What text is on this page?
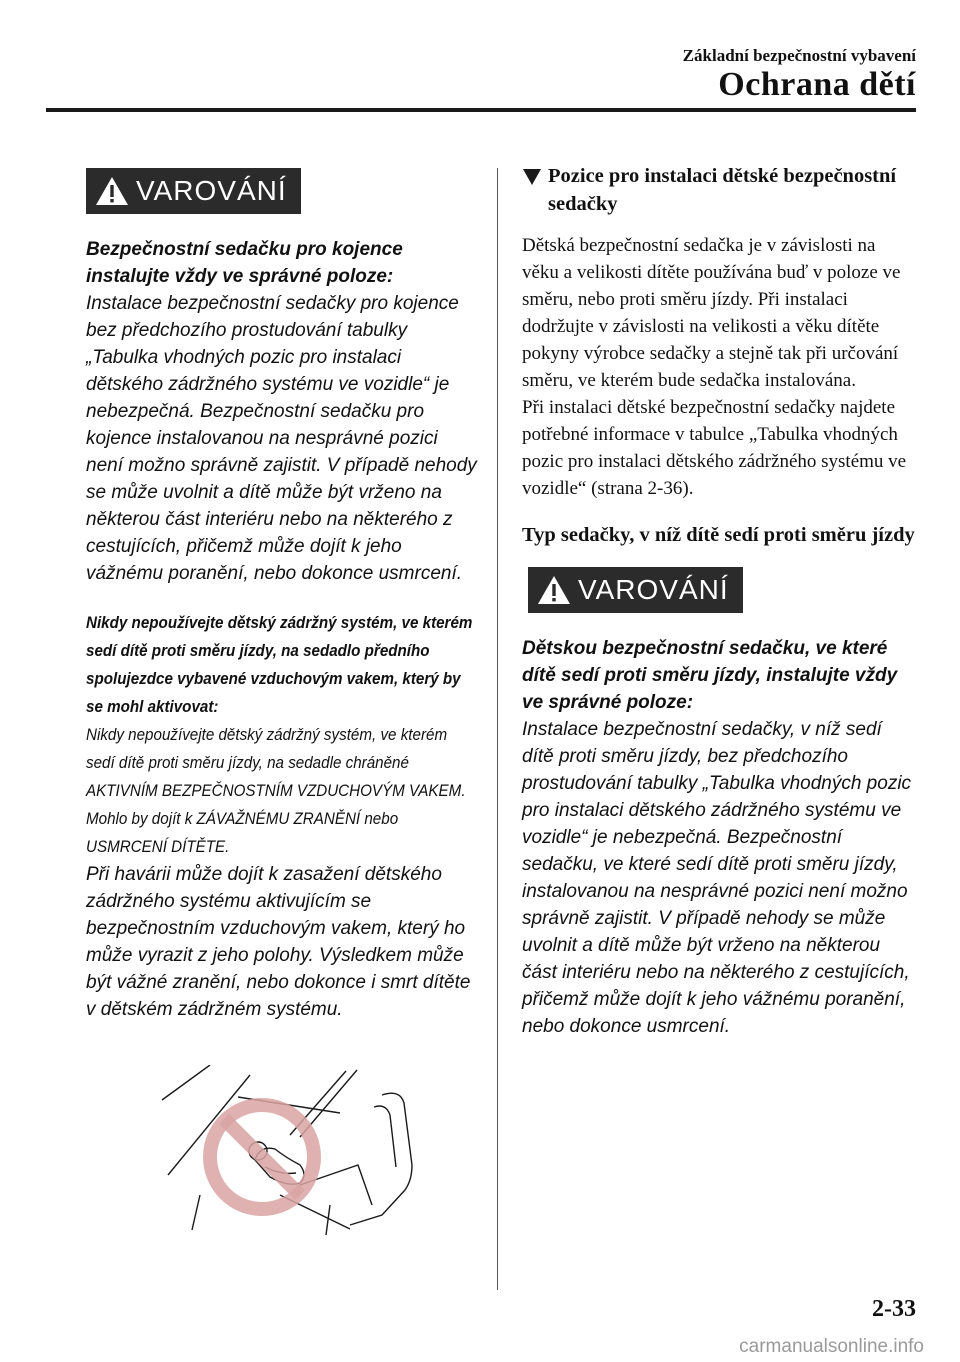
Základní bezpečnostní vybavení
Ochrana dětí
VAROVÁNÍ
Bezpečnostní sedačku pro kojence instalujte vždy ve správné poloze:
Instalace bezpečnostní sedačky pro kojence bez předchozího prostudování tabulky „Tabulka vhodných pozic pro instalaci dětského zádržného systému ve vozidle“ je nebezpečná. Bezpečnostní sedačku pro kojence instalovanou na nesprávné pozici není možno správně zajistit. V případě nehody se může uvolnit a dítě může být vrženo na některou část interiéru nebo na některého z cestujících, přičemž může dojít k jeho vážnému poranění, nebo dokonce usmrcení.
Nikdy nepoužívejte dětský zádržný systém, ve kterém sedí dítě proti směru jízdy, na sedadlo předního spolujezdce vybavené vzduchovým vakem, který by se mohl aktivovat:
Nikdy nepoužívejte dětský zádržný systém, ve kterém sedí dítě proti směru jízdy, na sedadle chráněné AKTIVNÍM BEZPEČNOSTNÍM VZDUCHOVÝM VAKEM. Mohlo by dojít k ZÁVAŽNÉMU ZRANĚNÍ nebo USMRCENÍ DÍTĚTE.
Při havárii může dojít k zasažení dětského zádržného systému aktivujícím se bezpečnostním vzduchovým vakem, který ho může vyrazit z jeho polohy. Výsledkem může být vážné zranění, nebo dokonce i smrt dítěte v dětském zádržném systému.
Pozice pro instalaci dětské bezpečnostní sedačky
Dětská bezpečnostní sedačka je v závislosti na věku a velikosti dítěte používána buď v poloze ve směru, nebo proti směru jízdy. Při instalaci dodržujte v závislosti na velikosti a věku dítěte pokyny výrobce sedačky a stejně tak při určování směru, ve kterém bude sedačka instalována.
Při instalaci dětské bezpečnostní sedačky najdete potřebné informace v tabulce „Tabulka vhodných pozic pro instalaci dětského zádržného systému ve vozidle“ (strana 2-36).
Typ sedačky, v níž dítě sedí proti směru jízdy
VAROVÁNÍ
Dětskou bezpečnostní sedačku, ve které dítě sedí proti směru jízdy, instalujte vždy ve správné poloze:
Instalace bezpečnostní sedačky, v níž sedí dítě proti směru jízdy, bez předchozího prostudování tabulky „Tabulka vhodných pozic pro instalaci dětského zádržného systému ve vozidle“ je nebezpečná. Bezpečnostní sedačku, ve které sedí dítě proti směru jízdy, instalovanou na nesprávné pozici není možno správně zajistit. V případě nehody se může uvolnit a dítě může být vrženo na některou část interiéru nebo na některého z cestujících, přičemž může dojít k jeho vážnému poranění, nebo dokonce usmrcení.
2-33
carmanualsonline.info
